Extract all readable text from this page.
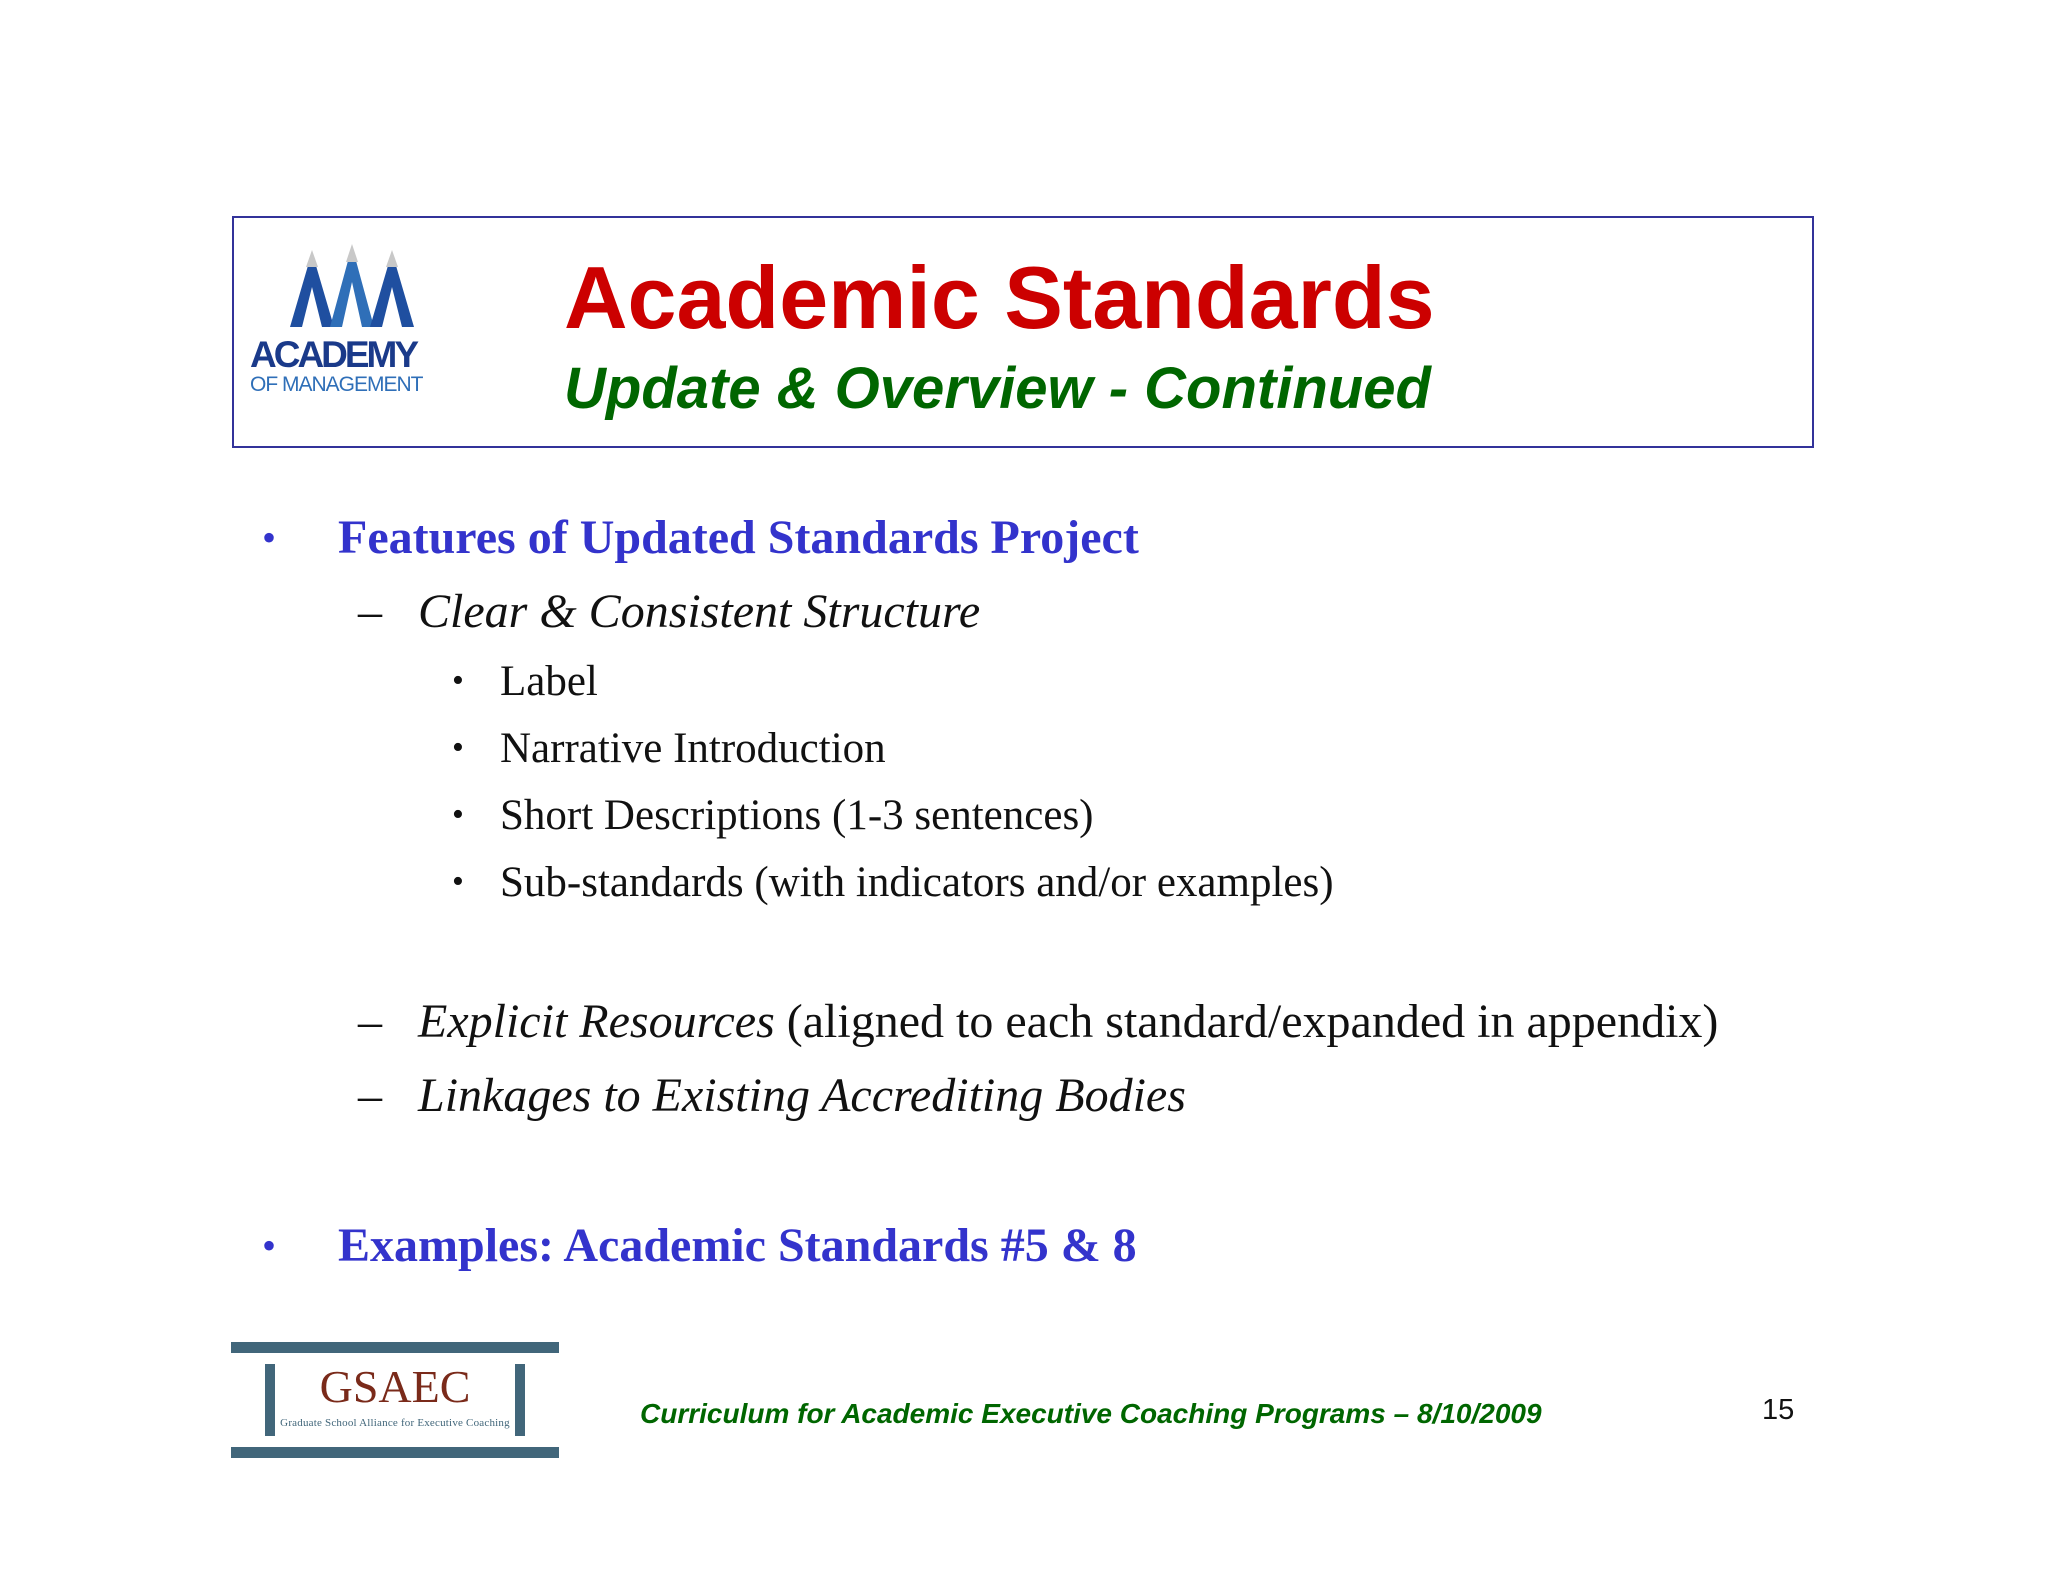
ACADEMY
OF MANAGEMENT
Academic Standards
Update & Overview - Continued
• Features of Updated Standards Project
– Clear & Consistent Structure
• Label
• Narrative Introduction
• Short Descriptions (1-3 sentences)
• Sub-standards (with indicators and/or examples)
– Explicit Resources (aligned to each standard/expanded in appendix)
– Linkages to Existing Accrediting Bodies
• Examples: Academic Standards #5 & 8
GSAEC
Graduate School Alliance for Executive Coaching	Curriculum for Academic Executive Coaching Programs – 8/10/2009	15
